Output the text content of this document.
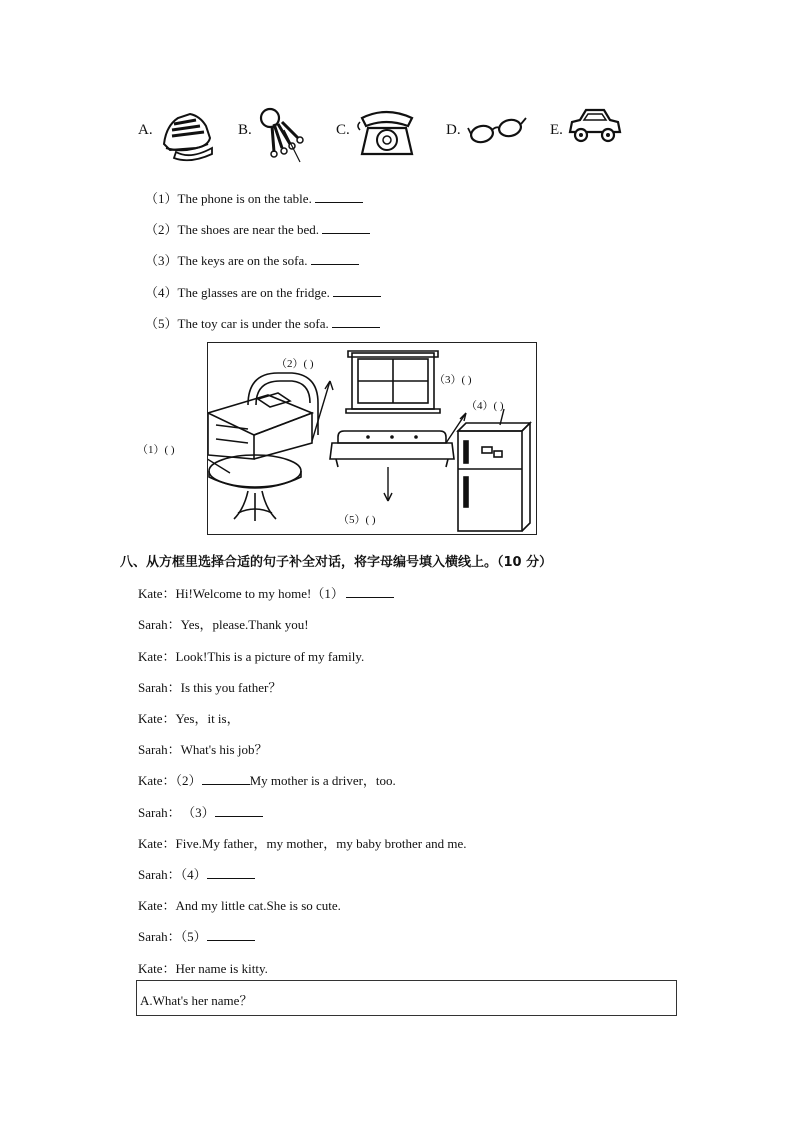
A.	B.	C.	D.	E.
（1）The phone is on the table.
（2）The shoes are near the bed.
（3）The keys are on the sofa.
（4）The glasses are on the fridge.
（5）The toy car is under the sofa.
（1）( )
（2）( )
（3）( )
（4）( )
（5）( )
八、从方框里选择合适的句子补全对话，将字母编号填入横线上。（10 分）
Kate：Hi!Welcome to my home!（1）
Sarah：Yes，please.Thank you!
Kate：Look!This is a picture of my family.
Sarah：Is this you father？
Kate：Yes，it is，
Sarah：What's his job？
Kate：（2）	My mother is a driver，too.
Sarah： （3）
Kate：Five.My father，my mother，my baby brother and me.
Sarah：（4）
Kate：And my little cat.She is so cute.
Sarah：（5）
Kate：Her name is kitty.
A.What's her name？
